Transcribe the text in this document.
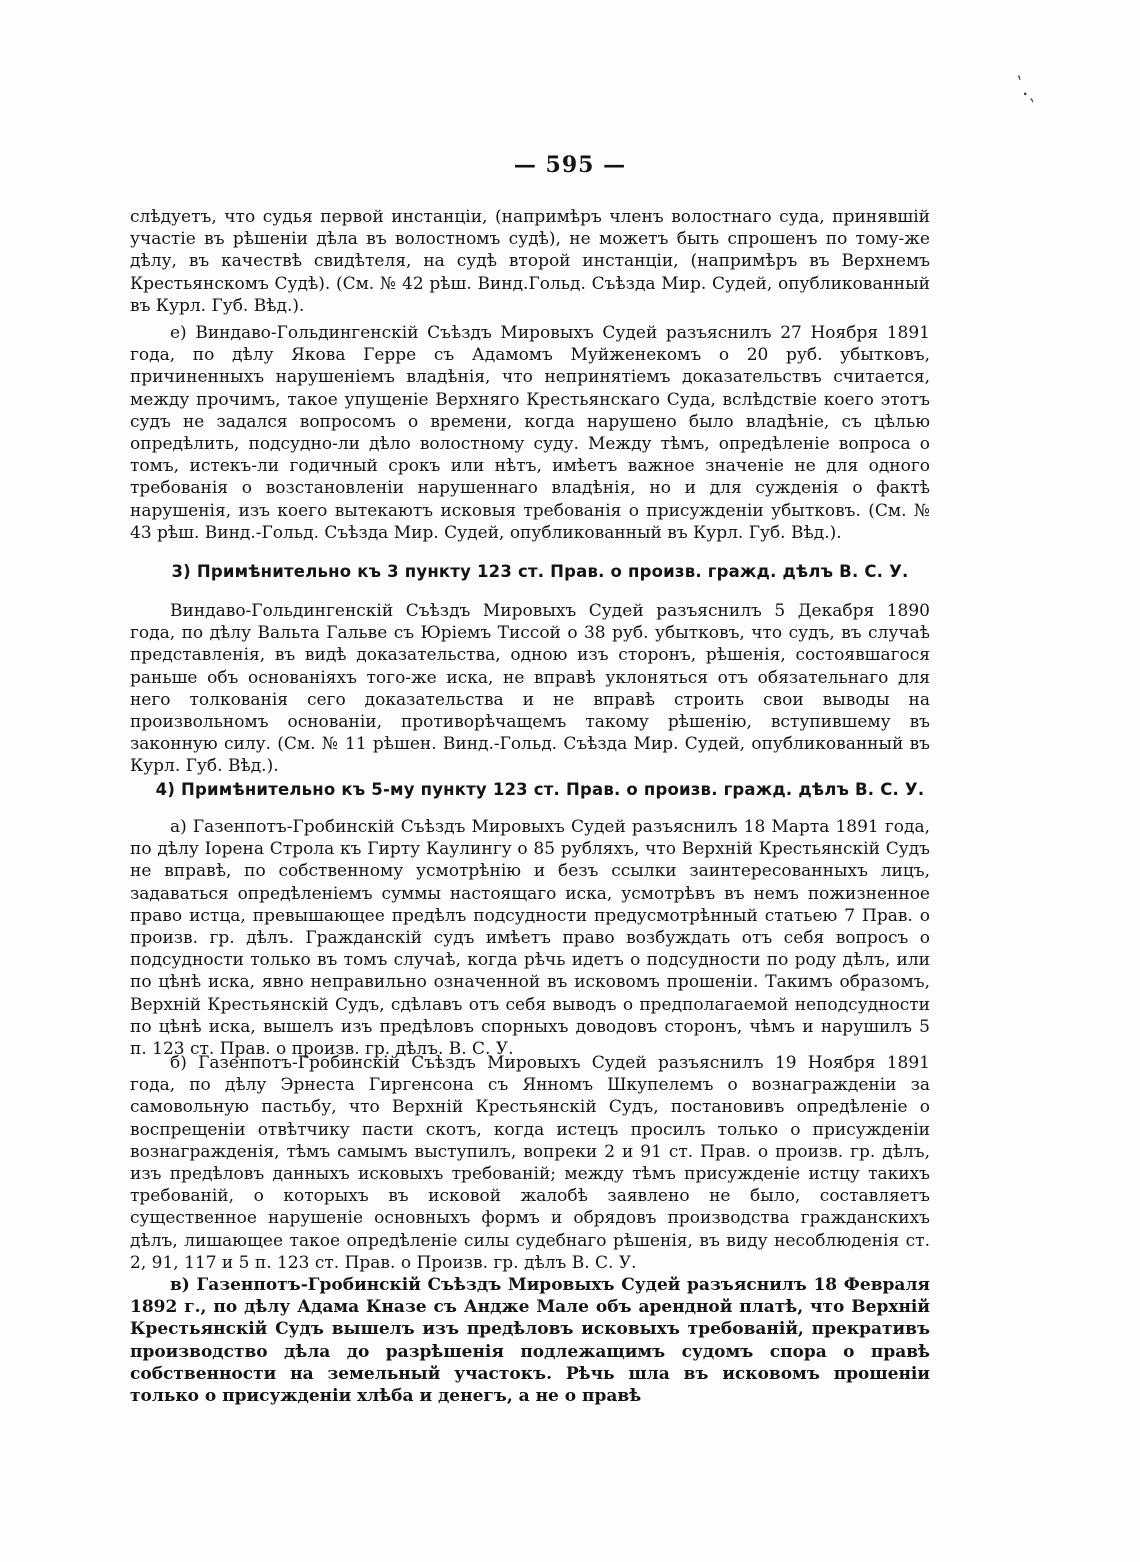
ˋ.ˏ
— 595 —

слѣдуетъ, что судья первой инстанціи, (напримѣръ членъ волостнаго суда, принявшій участіе въ рѣшеніи дѣла въ волостномъ судѣ), не можетъ быть спрошенъ по тому-же дѣлу, въ качествѣ свидѣтеля, на судѣ второй инстанціи, (напримѣръ въ Верхнемъ Крестьянскомъ Судѣ). (См. № 42 рѣш. Винд.Гольд. Съѣзда Мир. Судей, опубликованный въ Курл. Губ. Вѣд.).

е) Виндаво-Гольдингенскій Съѣздъ Мировыхъ Судей разъяснилъ 27 Ноября 1891 года, по дѣлу Якова Герре съ Адамомъ Муйженекомъ о 20 руб. убытковъ, причиненныхъ нарушеніемъ владѣнія, что непринятіемъ доказательствъ считается, между прочимъ, такое упущеніе Верхняго Крестьянскаго Суда, вслѣдствіе коего этотъ судъ не задался вопросомъ о времени, когда нарушено было владѣніе, съ цѣлью опредѣлить, подсудно-ли дѣло волостному суду. Между тѣмъ, опредѣленіе вопроса о томъ, истекъ-ли годичный срокъ или нѣтъ, имѣетъ важное значеніе не для одного требованія о возстановленіи нарушеннаго владѣнія, но и для сужденія о фактѣ нарушенія, изъ коего вытекаютъ исковыя требованія о присужденіи убытковъ. (См. № 43 рѣш. Винд.-Гольд. Съѣзда Мир. Судей, опубликованный въ Курл. Губ. Вѣд.).

3) Примѣнительно къ 3 пункту 123 ст. Прав. о произв. гражд. дѣлъ В. С. У.

Виндаво-Гольдингенскій Съѣздъ Мировыхъ Судей разъяснилъ 5 Декабря 1890 года, по дѣлу Вальта Гальве съ Юріемъ Тиссой о 38 руб. убытковъ, что судъ, въ случаѣ представленія, въ видѣ доказательства, одною изъ сторонъ, рѣшенія, состоявшагося раньше объ основаніяхъ того-же иска, не вправѣ уклоняться отъ обязательнаго для него толкованія сего доказательства и не вправѣ строить свои выводы на произвольномъ основаніи, противорѣчащемъ такому рѣшенію, вступившему въ законную силу. (См. № 11 рѣшен. Винд.-Гольд. Съѣзда Мир. Судей, опубликованный въ Курл. Губ. Вѣд.).

4) Примѣнительно къ 5-му пункту 123 ст. Прав. о произв. гражд. дѣлъ В. С. У.

а) Газенпотъ-Гробинскій Съѣздъ Мировыхъ Судей разъяснилъ 18 Марта 1891 года, по дѣлу Іорена Строла къ Гирту Каулингу о 85 рубляхъ, что Верхній Крестьянскій Судъ не вправѣ, по собственному усмотрѣнію и безъ ссылки заинтересованныхъ лицъ, задаваться опредѣленіемъ суммы настоящаго иска, усмотрѣвъ въ немъ пожизненное право истца, превышающее предѣлъ подсудности предусмотрѣнный статьею 7 Прав. о произв. гр. дѣлъ. Гражданскій судъ имѣетъ право возбуждать отъ себя вопросъ о подсудности только въ томъ случаѣ, когда рѣчь идетъ о подсудности по роду дѣлъ, или по цѣнѣ иска, явно неправильно означенной въ исковомъ прошеніи. Такимъ образомъ, Верхній Крестьянскій Судъ, сдѣлавъ отъ себя выводъ о предполагаемой неподсудности по цѣнѣ иска, вышелъ изъ предѣловъ спорныхъ доводовъ сторонъ, чѣмъ и нарушилъ 5 п. 123 ст. Прав. о произв. гр. дѣлъ. В. С. У.

б) Газенпотъ-Гробинскій Съѣздъ Мировыхъ Судей разъяснилъ 19 Ноября 1891 года, по дѣлу Эрнеста Гиргенсона съ Янномъ Шкупелемъ о вознагражденіи за самовольную пастьбу, что Верхній Крестьянскій Судъ, постановивъ опредѣленіе о воспрещеніи отвѣтчику пасти скотъ, когда истецъ просилъ только о присужденіи вознагражденія, тѣмъ самымъ выступилъ, вопреки 2 и 91 ст. Прав. о произв. гр. дѣлъ, изъ предѣловъ данныхъ исковыхъ требованій; между тѣмъ присужденіе истцу такихъ требованій, о которыхъ въ исковой жалобѣ заявлено не было, составляетъ существенное нарушеніе основныхъ формъ и обрядовъ производства гражданскихъ дѣлъ, лишающее такое опредѣленіе силы судебнаго рѣшенія, въ виду несоблюденія ст. 2, 91, 117 и 5 п. 123 ст. Прав. о Произв. гр. дѣлъ В. С. У.

в) Газенпотъ-Гробинскій Съѣздъ Мировыхъ Судей разъяснилъ 18 Февраля 1892 г., по дѣлу Адама Кназе съ Андже Мале объ арендной платѣ, что Верхній Крестьянскій Судъ вышелъ изъ предѣловъ исковыхъ требованій, прекративъ производство дѣла до разрѣшенія подлежащимъ судомъ спора о правѣ собственности на земельный участокъ. Рѣчь шла въ исковомъ прошеніи только о присужденіи хлѣба и денегъ, а не о правѣ
